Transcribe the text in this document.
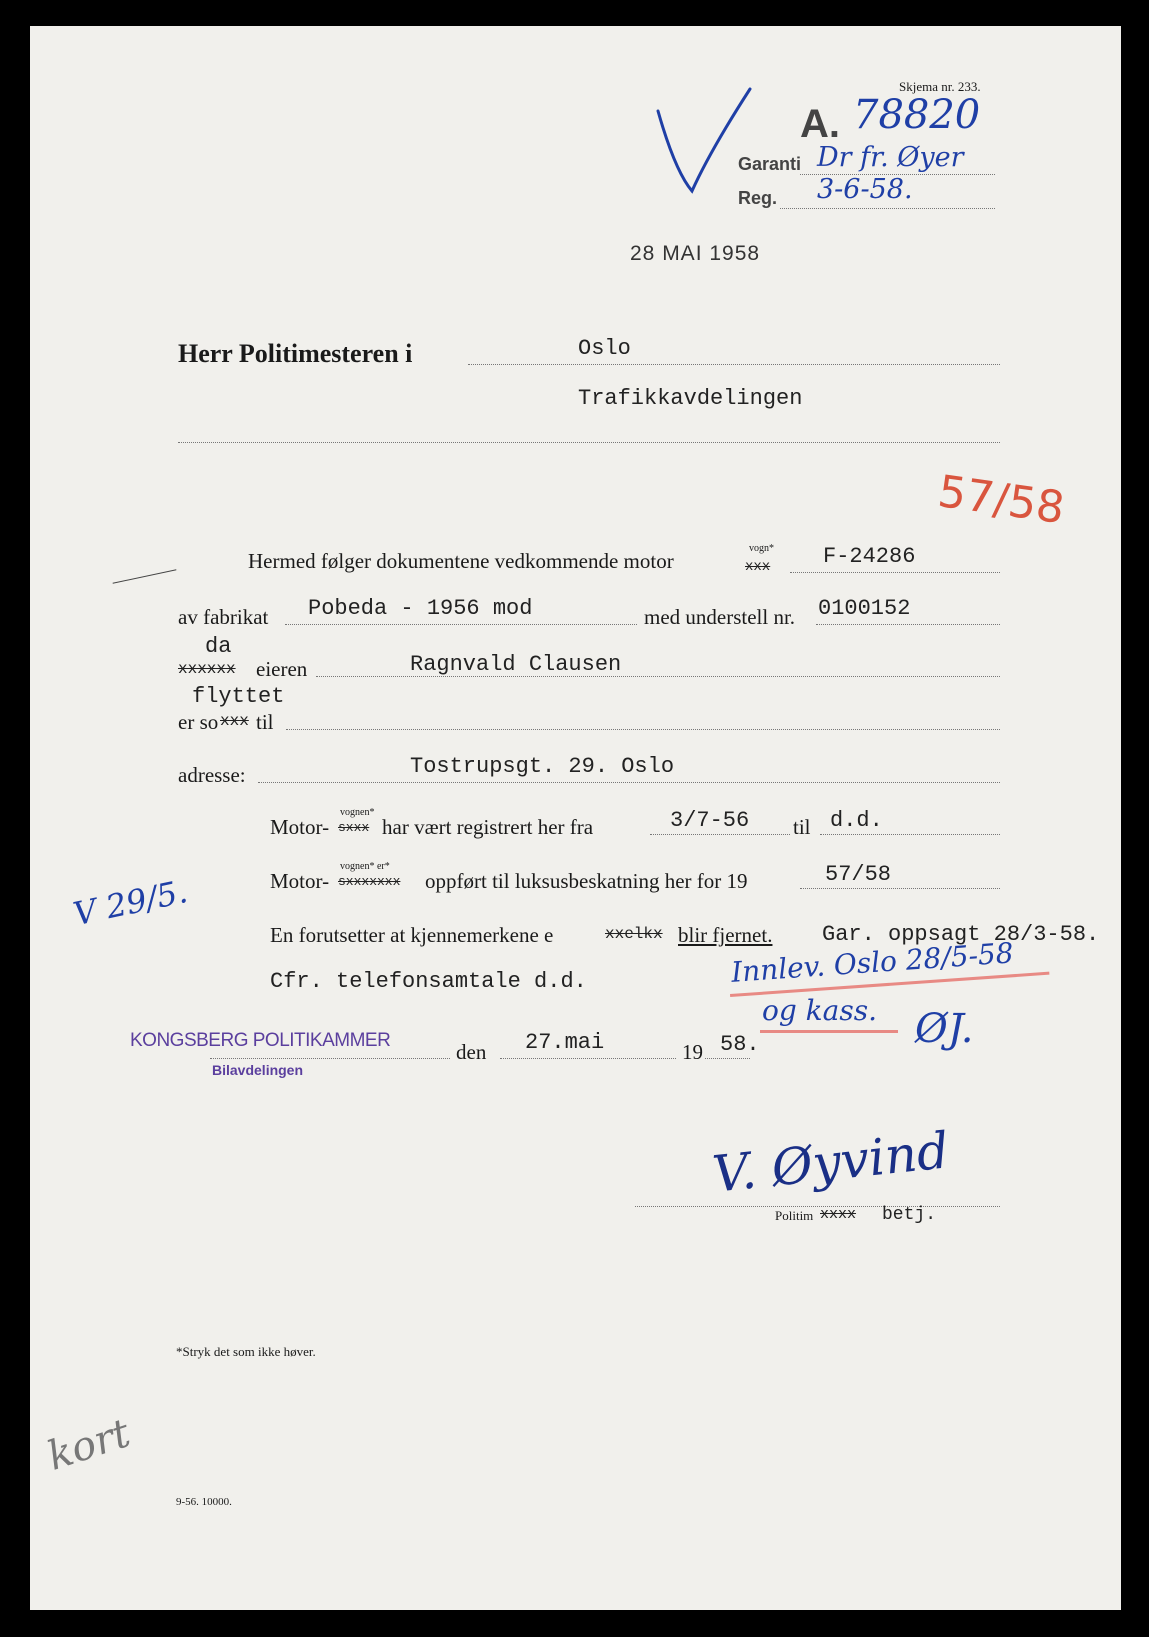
Skjema nr. 233.
A. 78820
Garanti Dr fr. Øyer
Reg. 3-6-58.
28 MAI 1958
Herr Politimesteren i	Oslo
Trafikkavdelingen
57/58
Hermed følger dokumentene vedkommende motor
vogn*
xxx F-24286
av fabrikat Pobeda - 1956 mod	med understell nr. 0100152
da
xxxxxx eieren	Ragnvald Clausen
flyttet
er so xxx til
adresse:	Tostrupsgt. 29. Oslo
Motor-
vognen*
sxxx har vært registrert her fra	3/7-56 til d.d.
Motor-
vognen* er*
sxxxxxxx oppført til luksusbeskatning her for 19	57/58
V 29/5.
En forutsetter at kjennemerkene e	xxelkx blir fjernet. Gar. oppsagt 28/3-58.
Cfr. telefonsamtale d.d.	Innlev. Oslo 28/5-58
og kass. ØJ.
KONGSBERG POLITIKAMMER
Bilavdelingen
den 27.mai	19 58.
V. Øyvind
Politim xxxx betj.
*Stryk det som ikke høver.
kort
9-56. 10000.
